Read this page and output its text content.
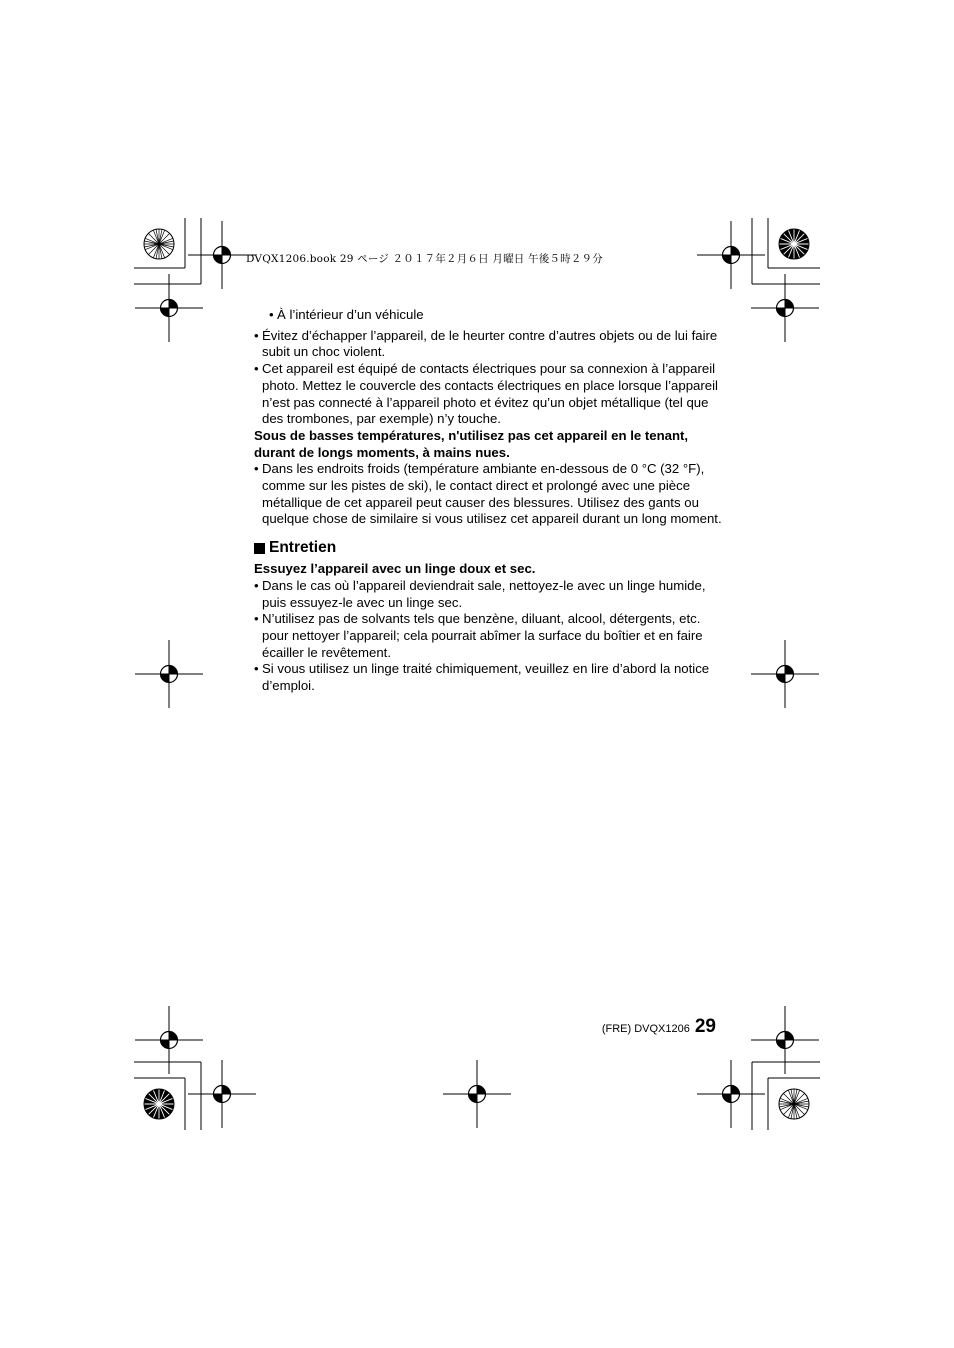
DVQX1206.book 29 ページ ２０１７年２月６日 月曜日 午後５時２９分
• À l’intérieur d’un véhicule
• Évitez d’échapper l’appareil, de le heurter contre d’autres objets ou de lui faire subit un choc violent.
• Cet appareil est équipé de contacts électriques pour sa connexion à l’appareil photo. Mettez le couvercle des contacts électriques en place lorsque l’appareil n’est pas connecté à l’appareil photo et évitez qu’un objet métallique (tel que des trombones, par exemple) n’y touche.
Sous de basses températures, n'utilisez pas cet appareil en le tenant, durant de longs moments, à mains nues.
• Dans les endroits froids (température ambiante en-dessous de 0 °C (32 °F), comme sur les pistes de ski), le contact direct et prolongé avec une pièce métallique de cet appareil peut causer des blessures. Utilisez des gants ou quelque chose de similaire si vous utilisez cet appareil durant un long moment.
Entretien
Essuyez l’appareil avec un linge doux et sec.
• Dans le cas où l’appareil deviendrait sale, nettoyez-le avec un linge humide, puis essuyez-le avec un linge sec.
• N’utilisez pas de solvants tels que benzène, diluant, alcool, détergents, etc. pour nettoyer l’appareil; cela pourrait abîmer la surface du boîtier et en faire écailler le revêtement.
• Si vous utilisez un linge traité chimiquement, veuillez en lire d’abord la notice d’emploi.
(FRE) DVQX1206 29
